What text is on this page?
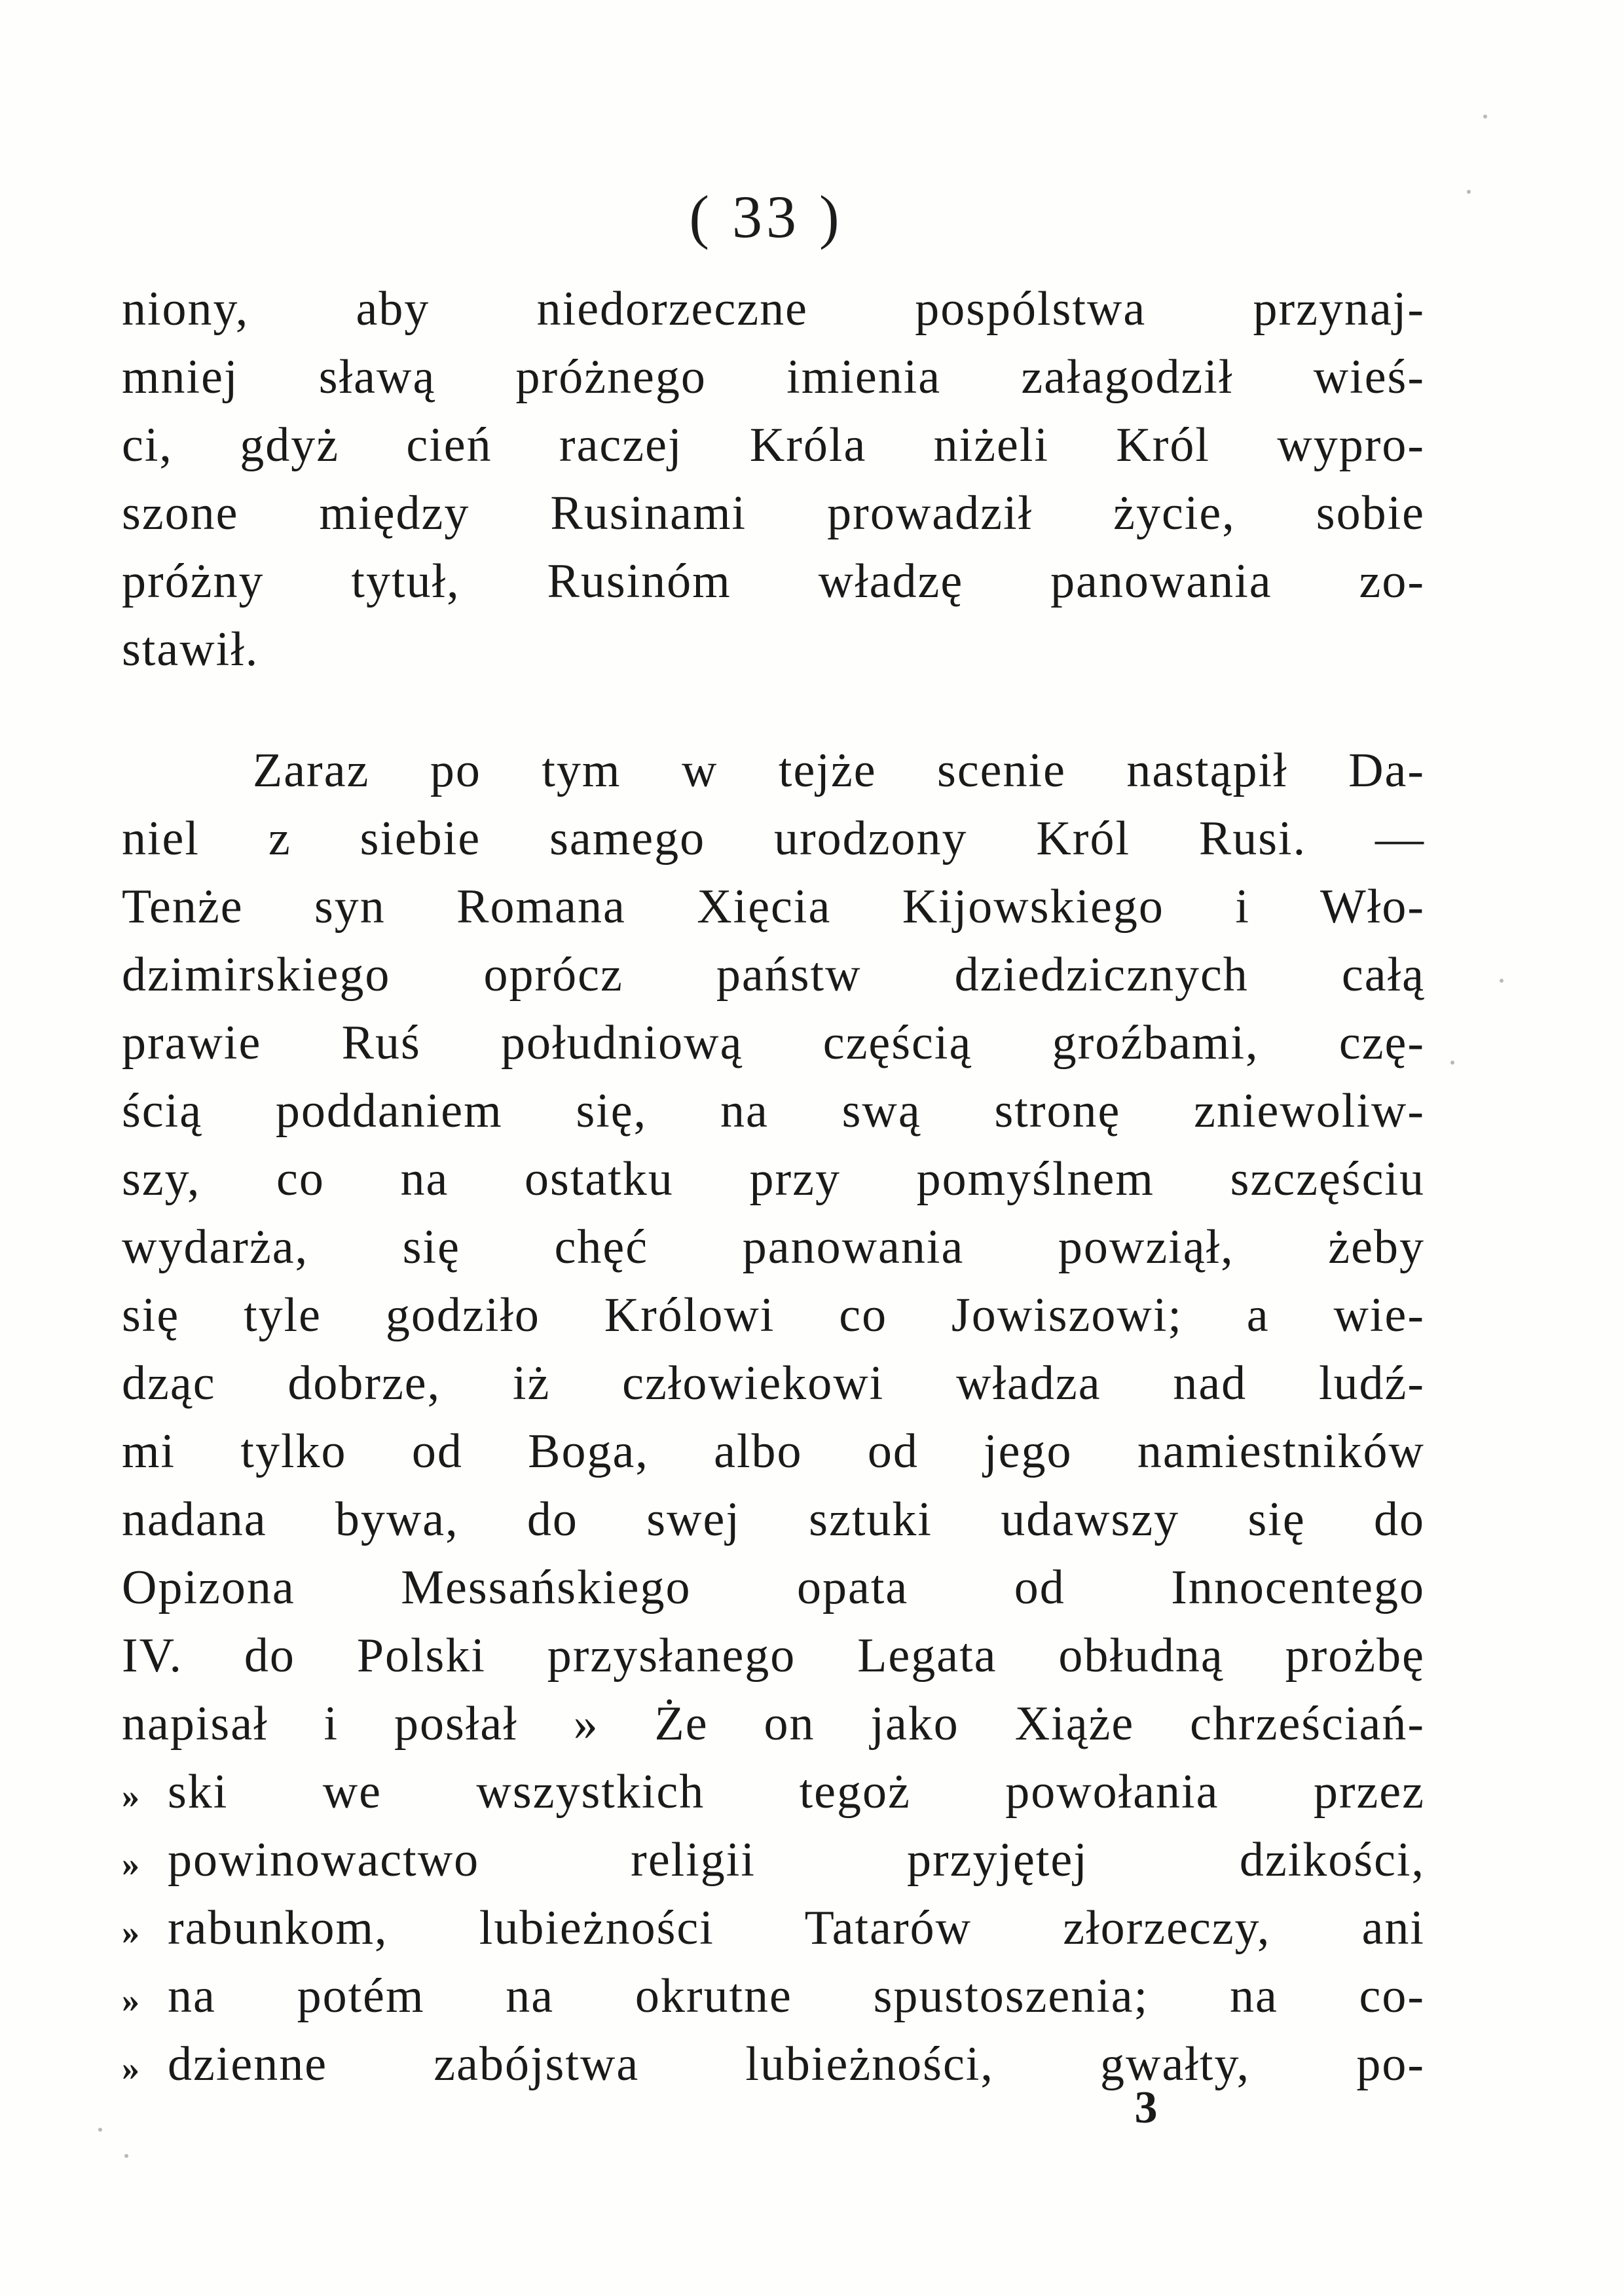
( 33 )
niony, aby niedorzeczne pospólstwa przynaj-
mniej sławą próżnego imienia załagodził wieś-
ci, gdyż cień raczej Króla niżeli Król wypro-
szone między Rusinami prowadził życie, sobie
próżny tytuł, Rusinóm władzę panowania zo-
stawił.
Zaraz po tym w tejże scenie nastąpił Da-
niel z siebie samego urodzony Król Rusi. —
Tenże syn Romana Xięcia Kijowskiego i Wło-
dzimirskiego oprócz państw dziedzicznych całą
prawie Ruś południową częścią groźbami, czę-
ścią poddaniem się, na swą stronę zniewoliw-
szy, co na ostatku przy pomyślnem szczęściu
wydarża, się chęć panowania powziął, żeby
się tyle godziło Królowi co Jowiszowi; a wie-
dząc dobrze, iż człowiekowi władza nad ludź-
mi tylko od Boga, albo od jego namiestników
nadana bywa, do swej sztuki udawszy się do
Opizona Messańskiego opata od Innocentego
IV. do Polski przysłanego Legata obłudną prożbę
napisał i posłał » Że on jako Xiąże chrześciań-
» ski we wszystkich tegoż powołania przez
» powinowactwo religii przyjętej dzikości,
» rabunkom, lubieżności Tatarów złorzeczy, ani
» na potém na okrutne spustoszenia; na co-
» dzienne zabójstwa lubieżności, gwałty, po-
3
